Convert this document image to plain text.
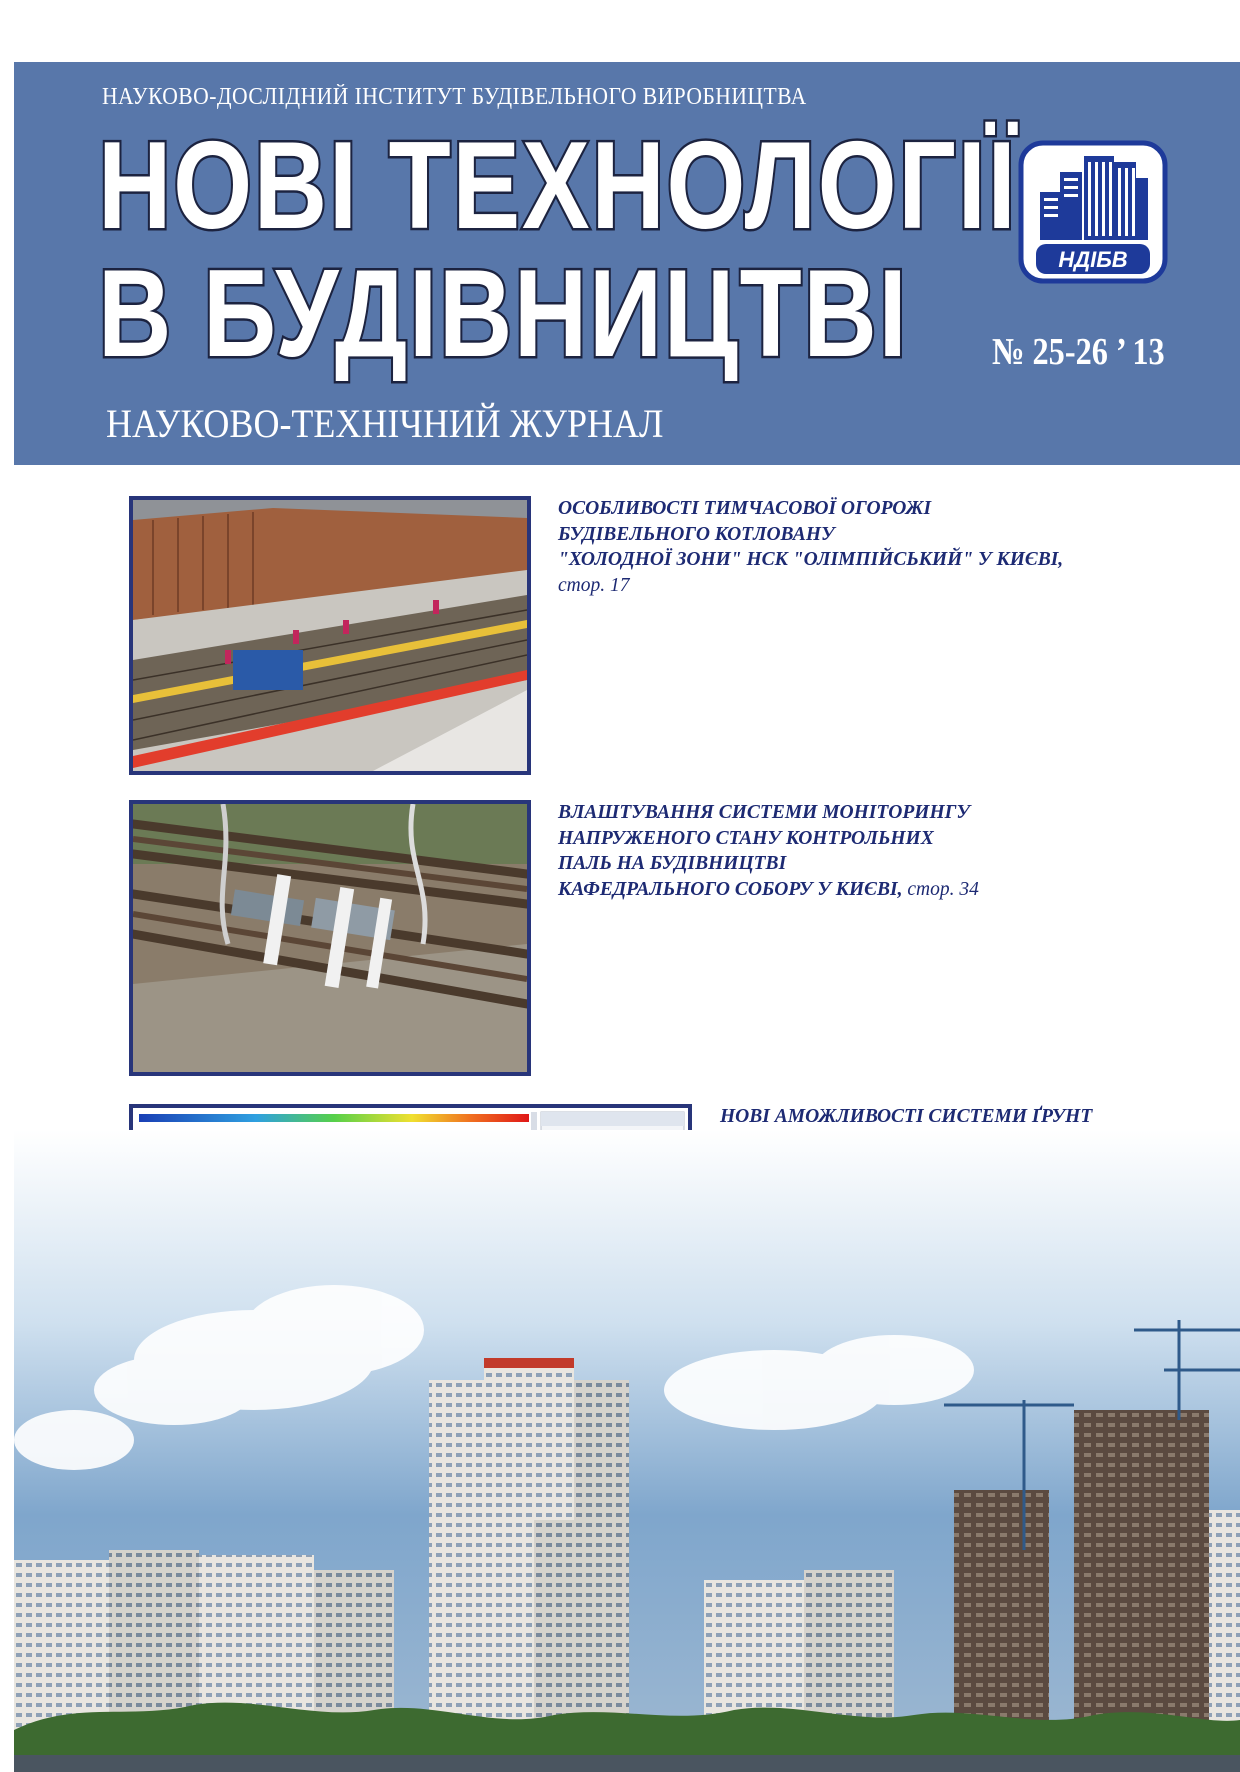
НАУКОВО-ДОСЛІДНИЙ ІНСТИТУТ БУДІВЕЛЬНОГО ВИРОБНИЦТВА
НОВІ ТЕХНОЛОГІЇ
В БУДІВНИЦТВІ
НАУКОВО-ТЕХНІЧНИЙ ЖУРНАЛ
№ 25-26 ’ 13
НДІБВ
ОСОБЛИВОСТІ ТИМЧАСОВОЇ ОГОРОЖІ
БУДІВЕЛЬНОГО КОТЛОВАНУ
"ХОЛОДНОЇ ЗОНИ" НСК "ОЛІМПІЙСЬКИЙ" У КИЄВІ,
стор. 17
ВЛАШТУВАННЯ СИСТЕМИ МОНІТОРИНГУ
НАПРУЖЕНОГО СТАНУ КОНТРОЛЬНИХ
ПАЛЬ НА БУДІВНИЦТВІ
КАФЕДРАЛЬНОГО СОБОРУ У КИЄВІ, стор. 34
НОВІ АМОЖЛИВОСТІ СИСТЕМИ ҐРУНТ
